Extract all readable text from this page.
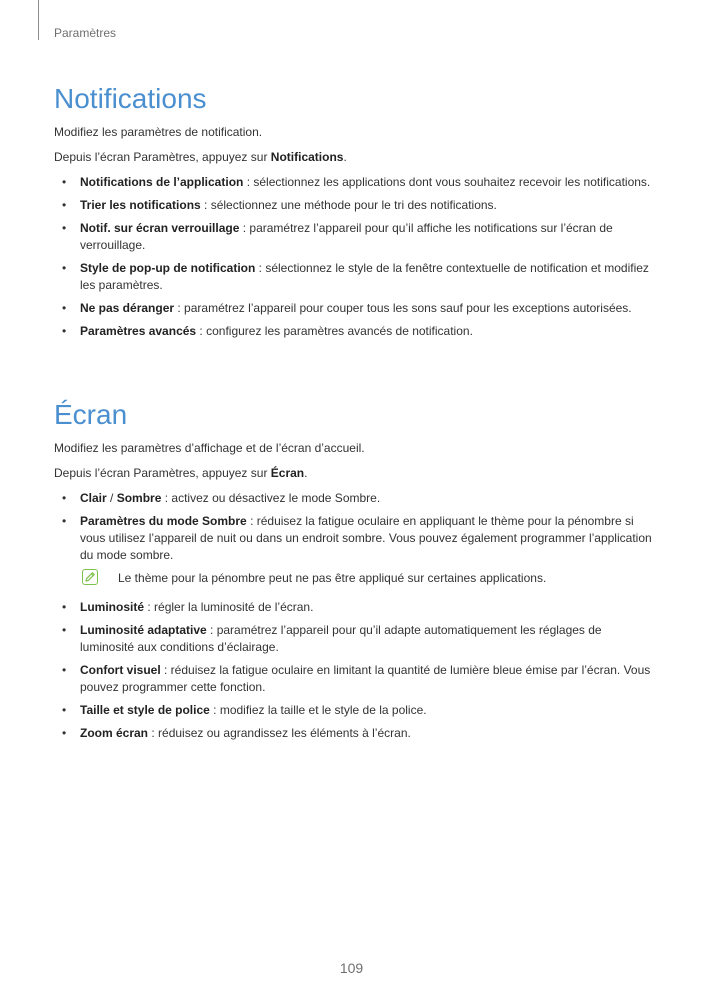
Paramètres
Notifications

Modifiez les paramètres de notification.

Depuis l’écran Paramètres, appuyez sur Notifications.

• Notifications de l’application : sélectionnez les applications dont vous souhaitez recevoir les notifications.
• Trier les notifications : sélectionnez une méthode pour le tri des notifications.
• Notif. sur écran verrouillage : paramétrez l’appareil pour qu’il affiche les notifications sur l’écran de verrouillage.
• Style de pop-up de notification : sélectionnez le style de la fenêtre contextuelle de notification et modifiez les paramètres.
• Ne pas déranger : paramétrez l’appareil pour couper tous les sons sauf pour les exceptions autorisées.
• Paramètres avancés : configurez les paramètres avancés de notification.
Écran

Modifiez les paramètres d’affichage et de l’écran d’accueil.

Depuis l’écran Paramètres, appuyez sur Écran.

• Clair / Sombre : activez ou désactivez le mode Sombre.
• Paramètres du mode Sombre : réduisez la fatigue oculaire en appliquant le thème pour la pénombre si vous utilisez l’appareil de nuit ou dans un endroit sombre. Vous pouvez également programmer l’application du mode sombre.
Le thème pour la pénombre peut ne pas être appliqué sur certaines applications.
• Luminosité : régler la luminosité de l’écran.
• Luminosité adaptative : paramétrez l’appareil pour qu’il adapte automatiquement les réglages de luminosité aux conditions d’éclairage.
• Confort visuel : réduisez la fatigue oculaire en limitant la quantité de lumière bleue émise par l’écran. Vous pouvez programmer cette fonction.
• Taille et style de police : modifiez la taille et le style de la police.
• Zoom écran : réduisez ou agrandissez les éléments à l’écran.
109
